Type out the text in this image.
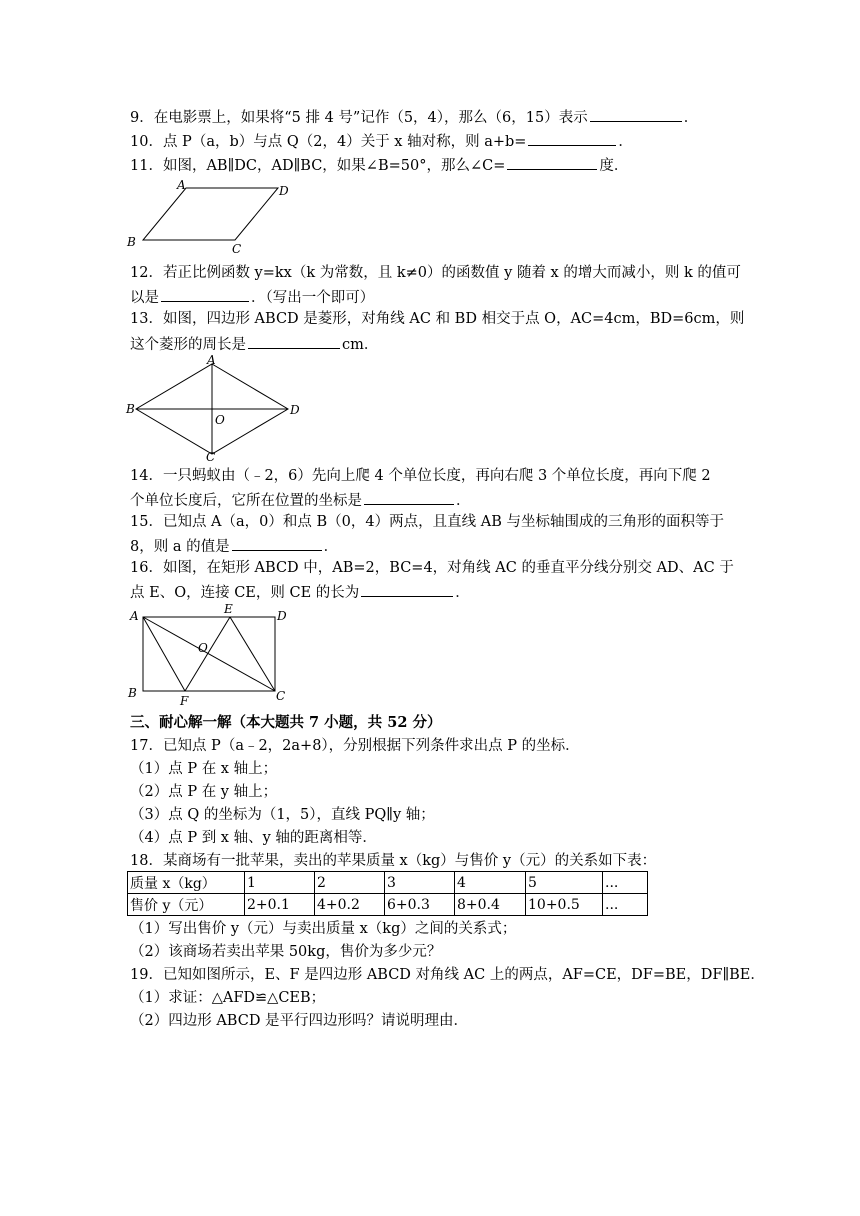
9．在电影票上，如果将“5 排 4 号”记作（5，4），那么（6，15）表示	．
10．点 P（a，b）与点 Q（2，4）关于 x 轴对称，则 a+b=	．
11．如图，AB∥DC，AD∥BC，如果∠B=50°，那么∠C=	度．
A	D
B	C
12．若正比例函数 y=kx（k 为常数，且 k≠0）的函数值 y 随着 x 的增大而减小，则 k 的值可
以是	．（写出一个即可）
13．如图，四边形 ABCD 是菱形，对角线 AC 和 BD 相交于点 O，AC=4cm，BD=6cm，则
这个菱形的周长是	cm．
A
B	D
C
O
14．一只蚂蚁由（﹣2，6）先向上爬 4 个单位长度，再向右爬 3 个单位长度，再向下爬 2
个单位长度后，它所在位置的坐标是	．
15．已知点 A（a，0）和点 B（0，4）两点，且直线 AB 与坐标轴围成的三角形的面积等于
8，则 a 的值是	．
16．如图，在矩形 ABCD 中，AB=2，BC=4，对角线 AC 的垂直平分线分别交 AD、AC 于
点 E、O，连接 CE，则 CE 的长为	．
A	E	D
O
B
F	C
三、耐心解一解（本大题共 7 小题，共 52 分）
17．已知点 P（a﹣2，2a+8），分别根据下列条件求出点 P 的坐标．
（1）点 P 在 x 轴上；
（2）点 P 在 y 轴上；
（3）点 Q 的坐标为（1，5），直线 PQ∥y 轴；
（4）点 P 到 x 轴、y 轴的距离相等．
18．某商场有一批苹果，卖出的苹果质量 x（kg）与售价 y（元）的关系如下表：
质量 x（kg）	1	2	3	4	5	...
售价 y（元）	2+0.1	4+0.2	6+0.3	8+0.4	10+0.5	...
（1）写出售价 y（元）与卖出质量 x（kg）之间的关系式；
（2）该商场若卖出苹果 50kg，售价为多少元？
19．已知如图所示，E、F 是四边形 ABCD 对角线 AC 上的两点，AF=CE，DF=BE，DF∥BE．
（1）求证：△AFD≌△CEB；
（2）四边形 ABCD 是平行四边形吗？请说明理由．
